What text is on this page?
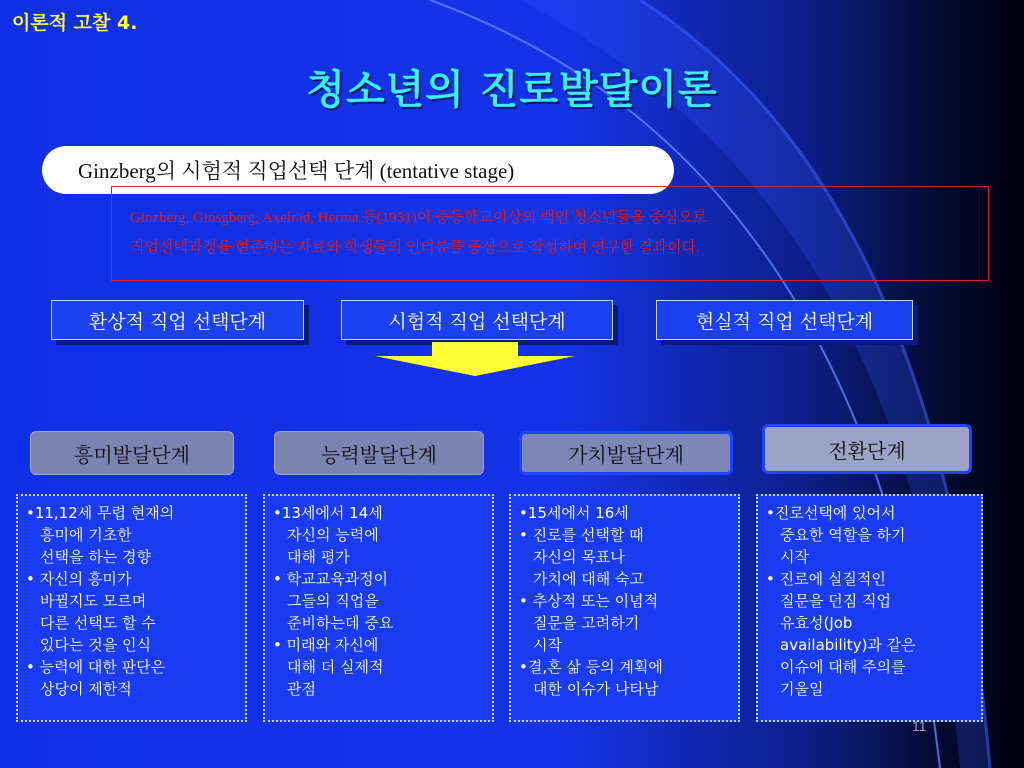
이론적 고찰 4.
청소년의 진로발달이론
Ginzberg의 시험적 직업선택 단계 (tentative stage)
Ginzberg, Ginsgberg, Axelrad, Herma 등(1951)이 중등학교이상의 백인 청소년들을 중심으로
직업선택과정을 현존하는 자료와 학생들의 인터뷰를 중심으로 작성하여 연구한 결과이다.
환상적 직업 선택단계	시험적 직업 선택단계	현실적 직업 선택단계
흥미발달단계	능력발달단계	가치발달단계	전환단계
•11,12세 무렵 현재의
흥미에 기초한
선택을 하는 경향
• 자신의 흥미가
바뀔지도 모르며
다른 선택도 할 수
있다는 것을 인식
• 능력에 대한 판단은
상당이 제한적
•13세에서 14세
자신의 능력에
대해 평가
• 학교교육과정이
그들의 직업을
준비하는데 중요
• 미래와 자신에
대해 더 실제적
관점
•15세에서 16세
• 진로를 선택할 때
자신의 목표나
가치에 대해 숙고
• 추상적 또는 이념적
질문을 고려하기
시작
•결,혼 삶 등의 계획에
대한 이슈가 나타남
•진로선택에 있어서
중요한 역할을 하기
시작
• 진로에 실질적인
질문을 던짐 직업
유효성(Job
availability)과 같은
이슈에 대해 주의를
기울일
11
